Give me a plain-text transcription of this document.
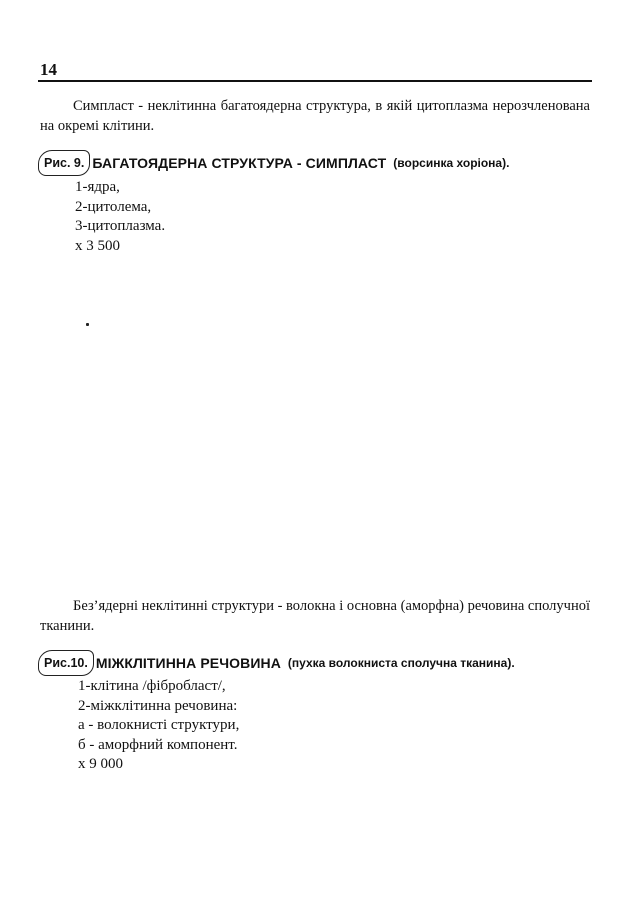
14

Симпласт - неклітинна багатоядерна структура, в якій цитоплазма нерозчленована на окремі клітини.

Рис. 9. БАГАТОЯДЕРНА СТРУКТУРА - СИМПЛАСТ (ворсинка хоріона).
1-ядра,
2-цитолема,
3-цитоплазма.
x 3 500

Без’ядерні неклітинні структури - волокна і основна (аморфна) речовина сполучної тканини.

Рис.10. МІЖКЛІТИННА РЕЧОВИНА (пухка волокниста сполучна тканина).
1-клітина /фібробласт/,
2-міжклітинна речовина:
а - волокнисті структури,
б - аморфний компонент.
x 9 000
